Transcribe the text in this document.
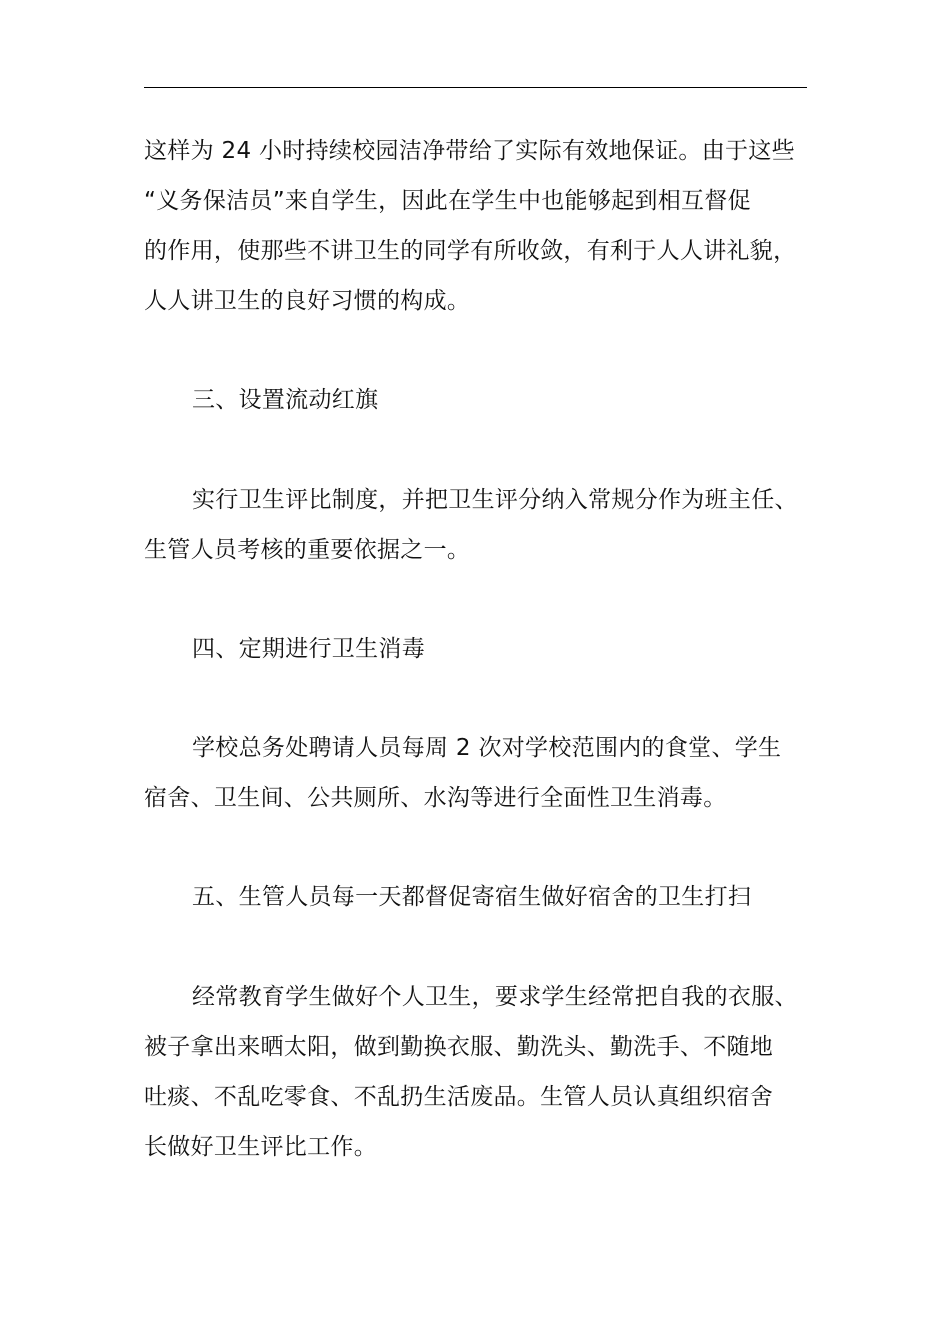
这样为 24 小时持续校园洁净带给了实际有效地保证。由于这些
“义务保洁员”来自学生，因此在学生中也能够起到相互督促
的作用，使那些不讲卫生的同学有所收敛，有利于人人讲礼貌，
人人讲卫生的良好习惯的构成。
三、设置流动红旗
实行卫生评比制度，并把卫生评分纳入常规分作为班主任、
生管人员考核的重要依据之一。
四、定期进行卫生消毒
学校总务处聘请人员每周 2 次对学校范围内的食堂、学生
宿舍、卫生间、公共厕所、水沟等进行全面性卫生消毒。
五、生管人员每一天都督促寄宿生做好宿舍的卫生打扫
经常教育学生做好个人卫生，要求学生经常把自我的衣服、
被子拿出来晒太阳，做到勤换衣服、勤洗头、勤洗手、不随地
吐痰、不乱吃零食、不乱扔生活废品。生管人员认真组织宿舍
长做好卫生评比工作。
